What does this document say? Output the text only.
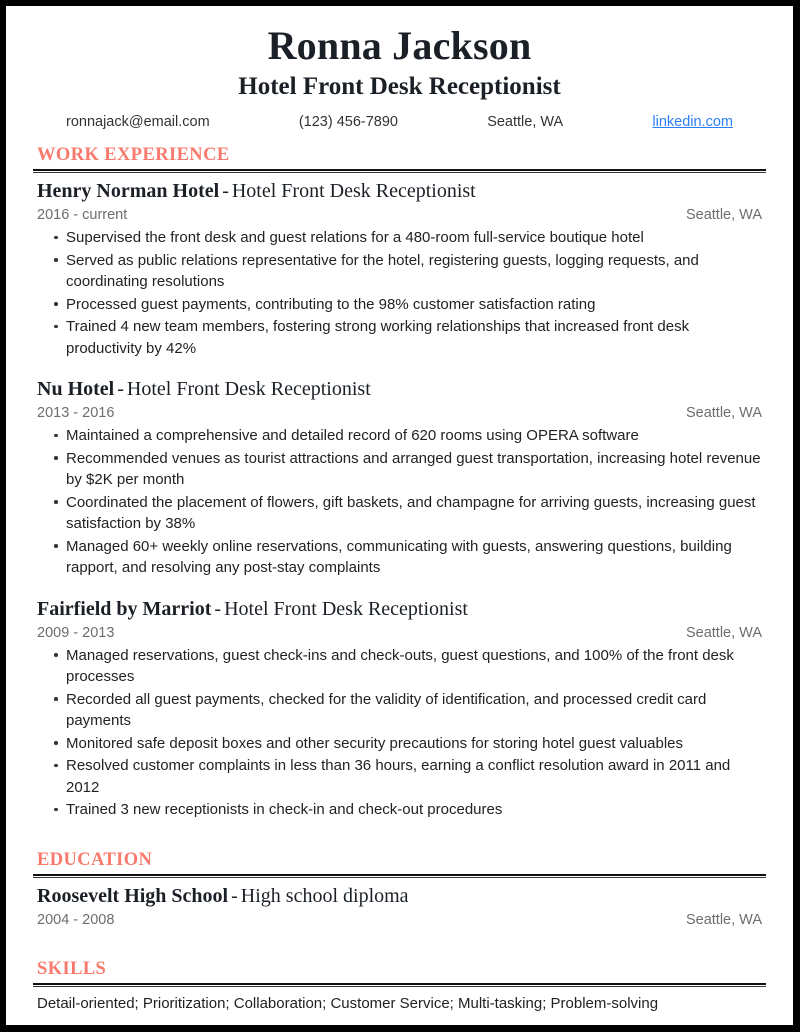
Ronna Jackson
Hotel Front Desk Receptionist
ronnajack@email.com	(123) 456-7890	Seattle, WA	linkedin.com
WORK EXPERIENCE
Henry Norman Hotel - Hotel Front Desk Receptionist
2016 - current	Seattle, WA
Supervised the front desk and guest relations for a 480-room full-service boutique hotel
Served as public relations representative for the hotel, registering guests, logging requests, and coordinating resolutions
Processed guest payments, contributing to the 98% customer satisfaction rating
Trained 4 new team members, fostering strong working relationships that increased front desk productivity by 42%
Nu Hotel - Hotel Front Desk Receptionist
2013 - 2016	Seattle, WA
Maintained a comprehensive and detailed record of 620 rooms using OPERA software
Recommended venues as tourist attractions and arranged guest transportation, increasing hotel revenue by $2K per month
Coordinated the placement of flowers, gift baskets, and champagne for arriving guests, increasing guest satisfaction by 38%
Managed 60+ weekly online reservations, communicating with guests, answering questions, building rapport, and resolving any post-stay complaints
Fairfield by Marriot - Hotel Front Desk Receptionist
2009 - 2013	Seattle, WA
Managed reservations, guest check-ins and check-outs, guest questions, and 100% of the front desk processes
Recorded all guest payments, checked for the validity of identification, and processed credit card payments
Monitored safe deposit boxes and other security precautions for storing hotel guest valuables
Resolved customer complaints in less than 36 hours, earning a conflict resolution award in 2011 and 2012
Trained 3 new receptionists in check-in and check-out procedures
EDUCATION
Roosevelt High School - High school diploma
2004 - 2008	Seattle, WA
SKILLS
Detail-oriented; Prioritization; Collaboration; Customer Service; Multi-tasking; Problem-solving
